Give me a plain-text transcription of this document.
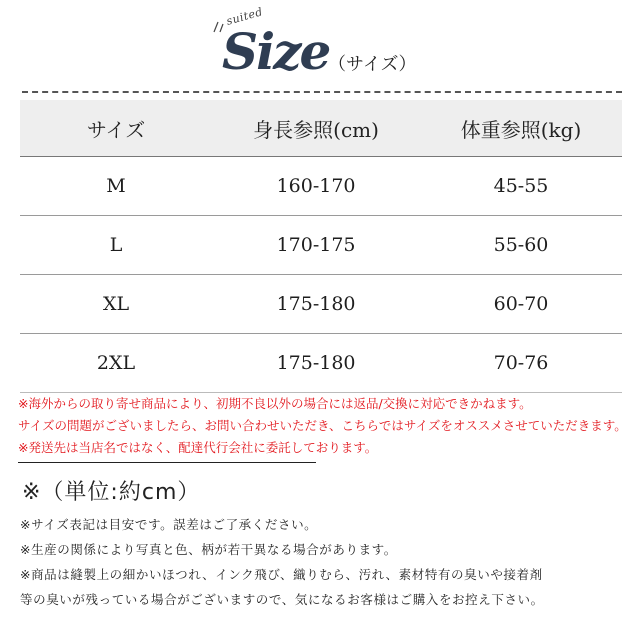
suited
Size
（サイズ）
サイズ	身長参照(cm)	体重参照(kg)
M	160-170	45-55
L	170-175	55-60
XL	175-180	60-70
2XL	175-180	70-76
※海外からの取り寄せ商品により、初期不良以外の場合には返品/交換に対応できかねます。
サイズの問題がございましたら、お問い合わせいただき、こちらではサイズをオススメさせていただきます。
※発送先は当店名ではなく、配達代行会社に委託しております。
※（単位:約cm）
※サイズ表記は目安です。誤差はご了承ください。
※生産の関係により写真と色、柄が若干異なる場合があります。
※商品は縫製上の細かいほつれ、インク飛び、織りむら、汚れ、素材特有の臭いや接着剤
等の臭いが残っている場合がございますので、気になるお客様はご購入をお控え下さい。
